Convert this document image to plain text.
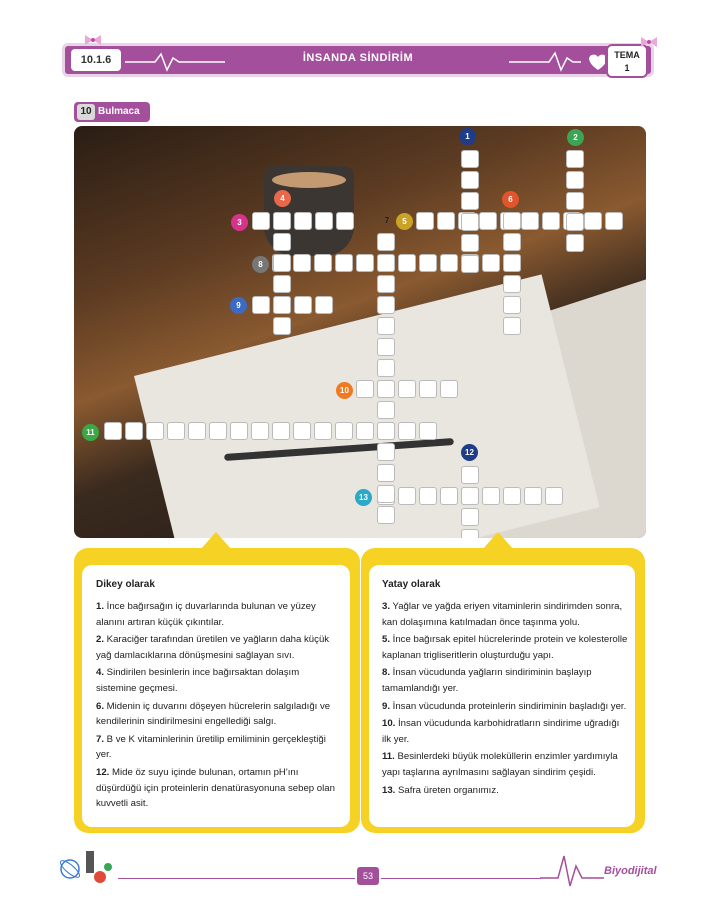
10.1.6	İNSANDA SİNDİRİM	TEMA
1
10 Bulmaca
1	2
3
4
5
6
7
8
9
10
11
12
13
Dikey olarak

1. İnce bağırsağın iç duvarlarında bulunan ve yüzey alanını artıran küçük çıkıntılar.

2. Karaciğer tarafından üretilen ve yağların daha küçük yağ damlacıklarına dönüşmesini sağlayan sıvı.

4. Sindirilen besinlerin ince bağırsaktan dolaşım sistemine geçmesi.

6. Midenin iç duvarını döşeyen hücrelerin salgıladığı ve kendilerinin sindirilmesini engellediği salgı.

7. B ve K vitaminlerinin üretilip emiliminin gerçekleştiği yer.

12. Mide öz suyu içinde bulunan, ortamın pH'ını düşürdüğü için proteinlerin denatürasyonuna sebep olan kuvvetli asit.

Yatay olarak

3. Yağlar ve yağda eriyen vitaminlerin sindirimden sonra, kan dolaşımına katılmadan önce taşınma yolu.

5. İnce bağırsak epitel hücrelerinde protein ve kolesterolle kaplanan trigliseritlerin oluşturduğu yapı.

8. İnsan vücudunda yağların sindiriminin başlayıp tamamlandığı yer.

9. İnsan vücudunda proteinlerin sindiriminin başladığı yer.

10. İnsan vücudunda karbohidratların sindirime uğradığı ilk yer.

11. Besinlerdeki büyük moleküllerin enzimler yardımıyla yapı taşlarına ayrılmasını sağlayan sindirim çeşidi.

13. Safra üreten organımız.

53	Biyodijital
